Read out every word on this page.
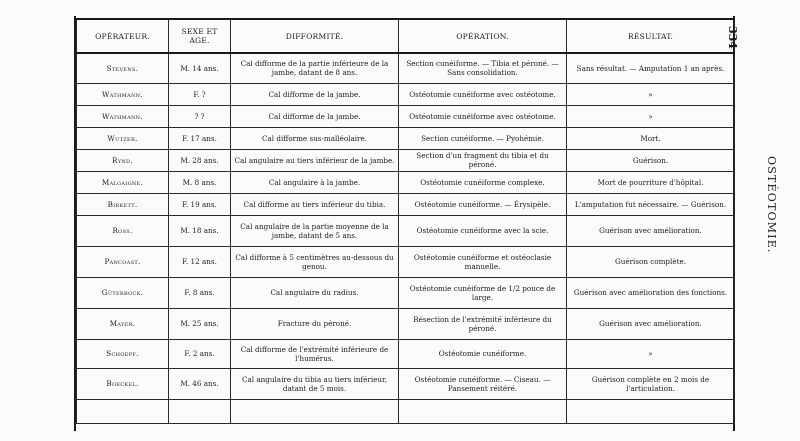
OPÉRATEUR.	SEXE ET AGE.	DIFFORMITÉ.	OPÉRATION.	RÉSULTAT.
Stevens.	M. 14 ans.	Cal difforme de la partie inférieure de la jambe, datant de 8 ans.	Section cunéiforme. — Tibia et péroné. — Sans consolidation.	Sans résultat. — Amputation 1 an après.
Wathmann.	F. ?	Cal difforme de la jambe.	Ostéotomie cunéiforme avec ostéotome.	»
Wathmann.	? ?	Cal difforme de la jambe.	Ostéotomie cunéiforme avec ostéotome.	»
Wutzer.	F. 17 ans.	Cal difforme sus-malléolaire.	Section cunéiforme. — Pyohémie.	Mort.
Rynd.	M. 28 ans.	Cal angulaire au tiers inférieur de la jambe.	Section d'un fragment du tibia et du péroné.	Guérison.
Malgaigne.	M. 8 ans.	Cal angulaire à la jambe.	Ostéotomie cunéiforme complexe.	Mort de pourriture d'hôpital.
Birkett.	F. 19 ans.	Cal difforme au tiers inférieur du tibia.	Ostéotomie cunéiforme. — Érysipèle.	L'amputation fut nécessaire. — Guérison.
Ross.	M. 18 ans.	Cal angulaire de la partie moyenne de la jambe, datant de 5 ans.	Ostéotomie cunéiforme avec la scie.	Guérison avec amélioration.
Pancoast.	F. 12 ans.	Cal difforme à 5 centimètres au-dessous du genou.	Ostéotomie cunéiforme et ostéoclasie manuelle.	Guérison complète.
Güterbock.	F. 8 ans.	Cal angulaire du radius.	Ostéotomie cunéiforme de 1/2 pouce de large.	Guérison avec amélioration des fonctions.
Mayer.	M. 25 ans.	Fracture du péroné.	Résection de l'extrémité inférieure du péroné.	Guérison avec amélioration.
Schoepf.	F. 2 ans.	Cal difforme de l'extrémité inférieure de l'humérus.	Ostéotomie cunéiforme.	»
Boeckel.	M. 46 ans.	Cal angulaire du tibia au tiers inférieur, datant de 5 mois.	Ostéotomie cunéiforme. — Ciseau. — Pansement réitéré.	Guérison complète en 2 mois de l'articulation.

334
OSTÉOTOMIE.
